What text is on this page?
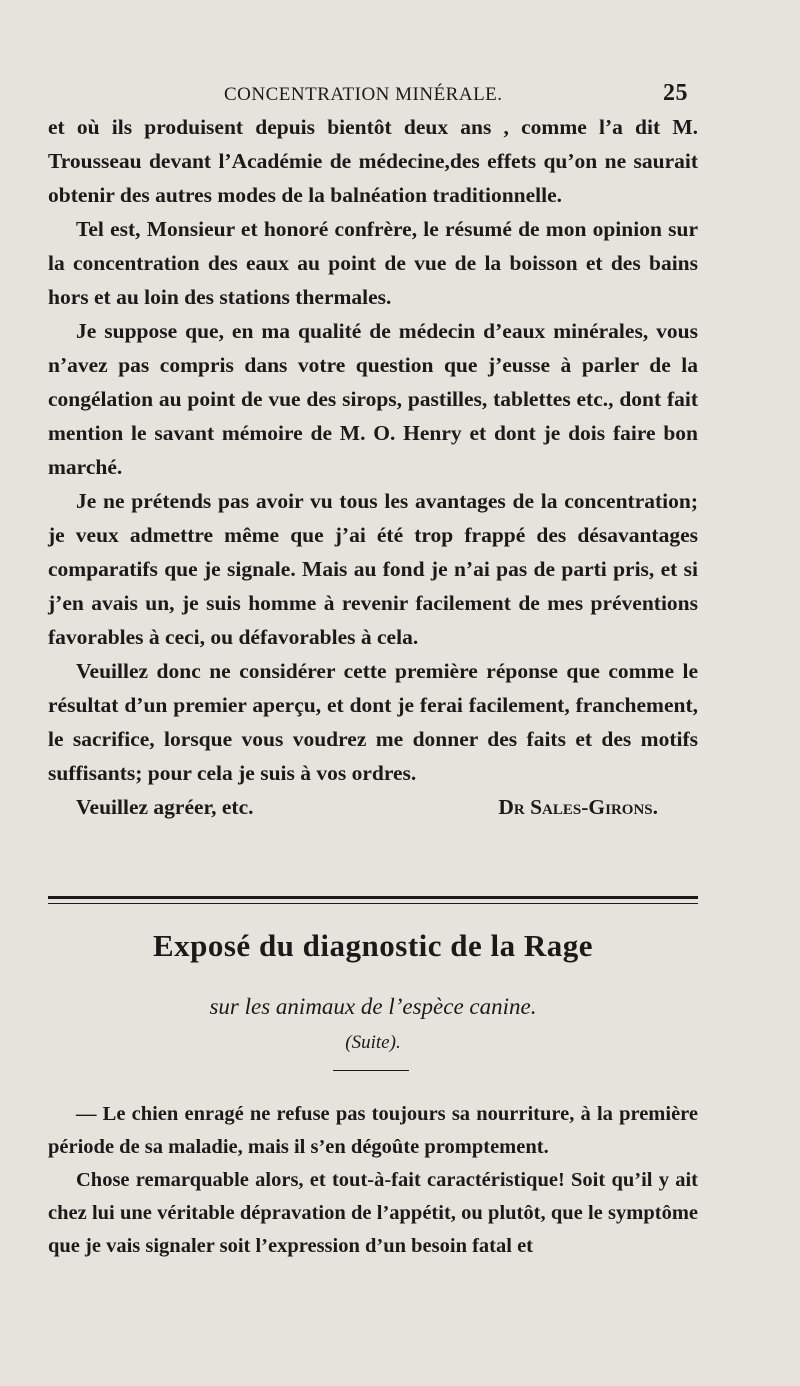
CONCENTRATION MINÉRALE.	25

et où ils produisent depuis bientôt deux ans , comme l’a dit M. Trousseau devant l’Académie de médecine,des effets qu’on ne saurait obtenir des autres modes de la balnéation traditionnelle.

Tel est, Monsieur et honoré confrère, le résumé de mon opinion sur la concentration des eaux au point de vue de la boisson et des bains hors et au loin des stations thermales.

Je suppose que, en ma qualité de médecin d’eaux minérales, vous n’avez pas compris dans votre question que j’eusse à parler de la congélation au point de vue des sirops, pastilles, tablettes etc., dont fait mention le savant mémoire de M. O. Henry et dont je dois faire bon marché.

Je ne prétends pas avoir vu tous les avantages de la concentration; je veux admettre même que j’ai été trop frappé des désavantages comparatifs que je signale. Mais au fond je n’ai pas de parti pris, et si j’en avais un, je suis homme à revenir facilement de mes préventions favorables à ceci, ou défavorables à cela.

Veuillez donc ne considérer cette première réponse que comme le résultat d’un premier aperçu, et dont je ferai facilement, franchement, le sacrifice, lorsque vous voudrez me donner des faits et des motifs suffisants; pour cela je suis à vos ordres.

Veuillez agréer, etc.	Dr Sales-Girons.
Exposé du diagnostic de la Rage
sur les animaux de l’espèce canine.
(Suite).

— Le chien enragé ne refuse pas toujours sa nourriture, à la première période de sa maladie, mais il s’en dégoûte promptement.

Chose remarquable alors, et tout-à-fait caractéristique! Soit qu’il y ait chez lui une véritable dépravation de l’appétit, ou plutôt, que le symptôme que je vais signaler soit l’expression d’un besoin fatal et
